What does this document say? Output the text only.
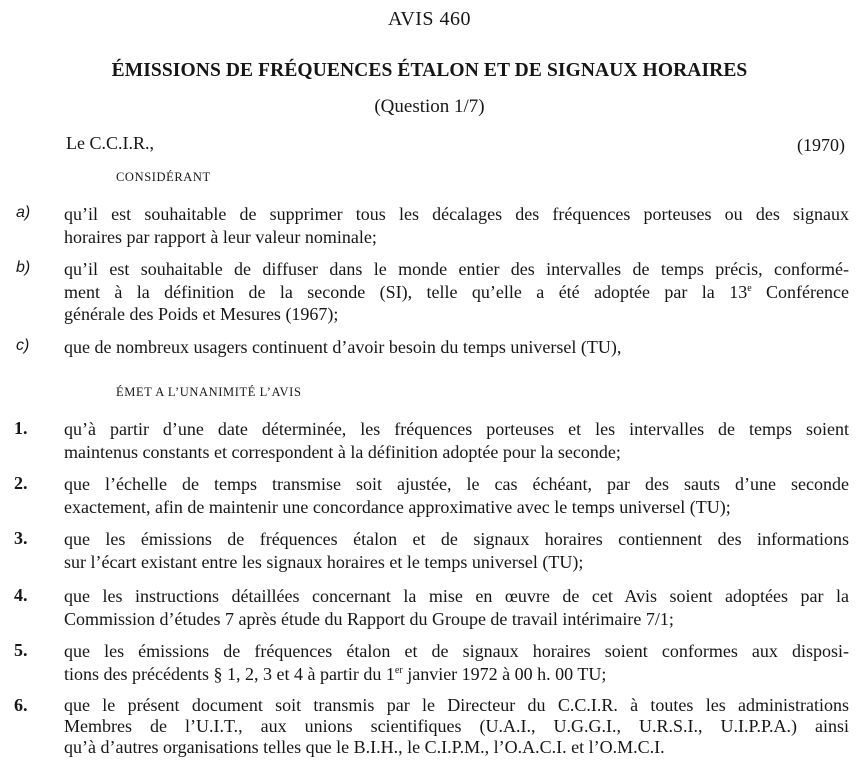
AVIS 460
ÉMISSIONS DE FRÉQUENCES ÉTALON ET DE SIGNAUX HORAIRES
(Question 1/7)
Le C.C.I.R.,	(1970)
CONSIDÉRANT
a) qu’il est souhaitable de supprimer tous les décalages des fréquences porteuses ou des signaux
horaires par rapport à leur valeur nominale;
b) qu’il est souhaitable de diffuser dans le monde entier des intervalles de temps précis, conformé-
ment à la définition de la seconde (SI), telle qu’elle a été adoptée par la 13e Conférence
générale des Poids et Mesures (1967);
c) que de nombreux usagers continuent d’avoir besoin du temps universel (TU),
ÉMET A L’UNANIMITÉ L’AVIS
1. qu’à partir d’une date déterminée, les fréquences porteuses et les intervalles de temps soient
maintenus constants et correspondent à la définition adoptée pour la seconde;
2. que l’échelle de temps transmise soit ajustée, le cas échéant, par des sauts d’une seconde
exactement, afin de maintenir une concordance approximative avec le temps universel (TU);
3. que les émissions de fréquences étalon et de signaux horaires contiennent des informations
sur l’écart existant entre les signaux horaires et le temps universel (TU);
4. que les instructions détaillées concernant la mise en œuvre de cet Avis soient adoptées par la
Commission d’études 7 après étude du Rapport du Groupe de travail intérimaire 7/1;
5. que les émissions de fréquences étalon et de signaux horaires soient conformes aux disposi-
tions des précédents § 1, 2, 3 et 4 à partir du 1er janvier 1972 à 00 h. 00 TU;
6. que le présent document soit transmis par le Directeur du C.C.I.R. à toutes les administrations
Membres de l’U.I.T., aux unions scientifiques (U.A.I., U.G.G.I., U.R.S.I., U.I.P.P.A.) ainsi
qu’à d’autres organisations telles que le B.I.H., le C.I.P.M., l’O.A.C.I. et l’O.M.C.I.
